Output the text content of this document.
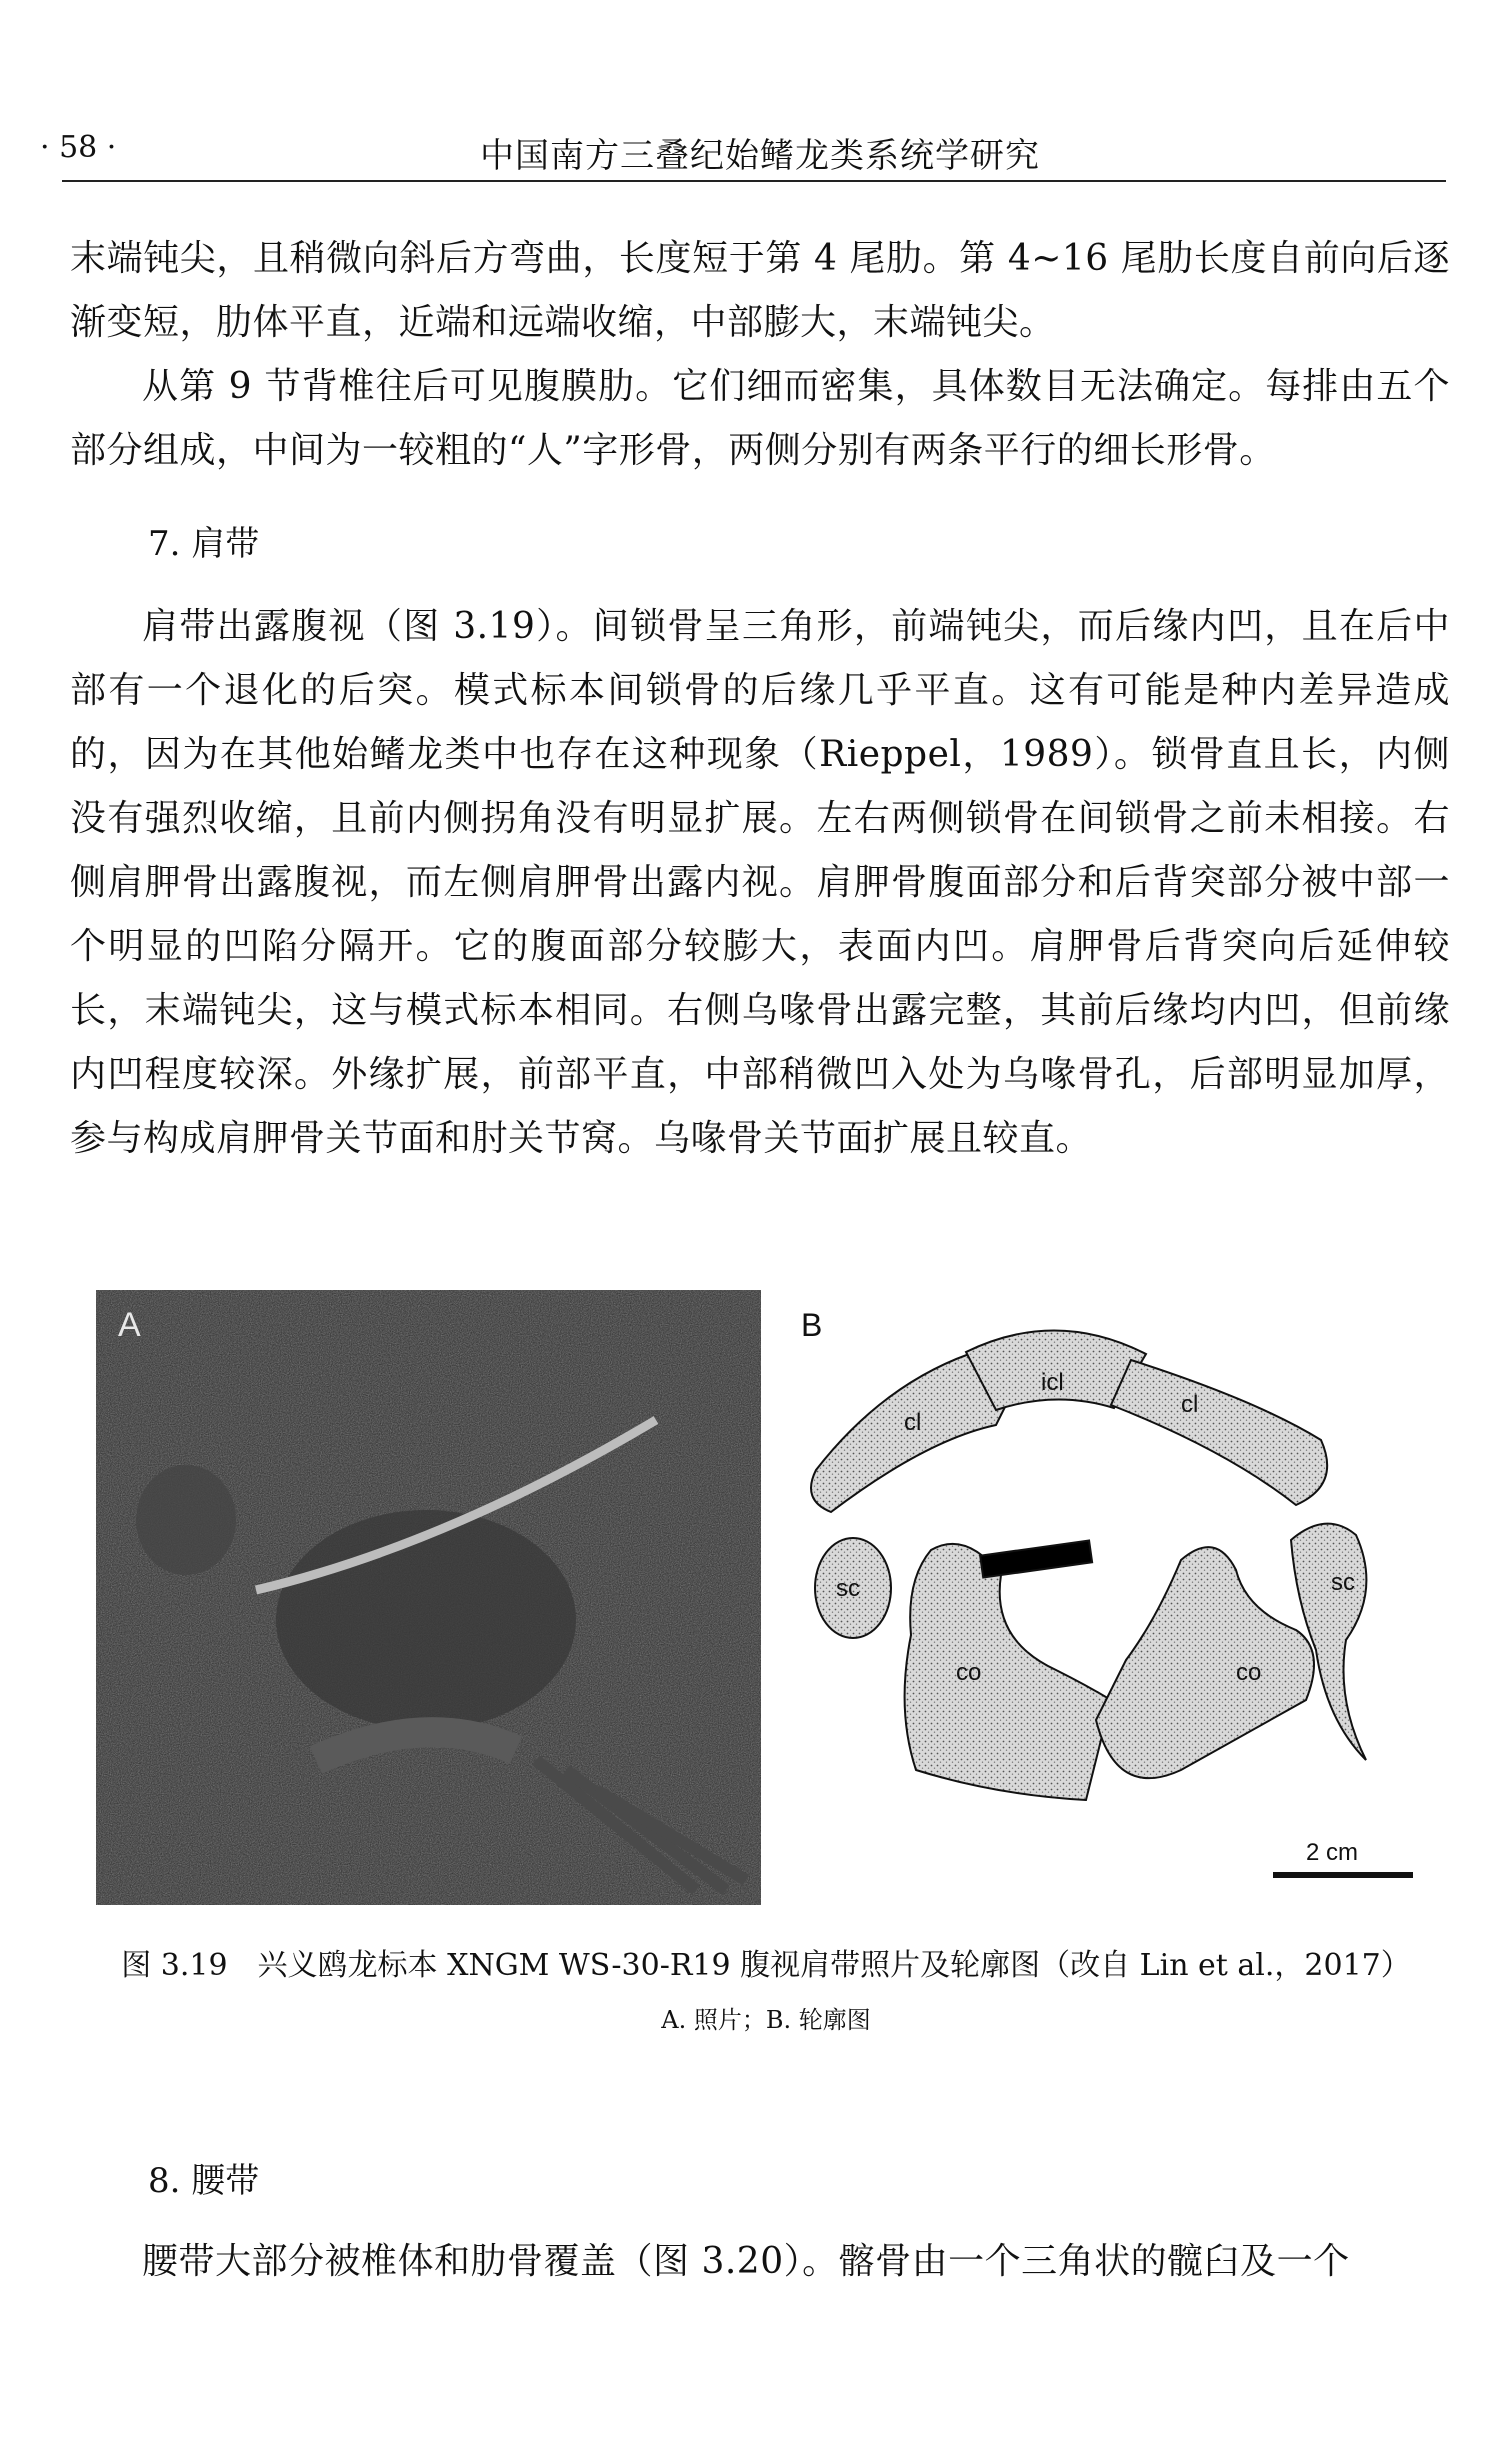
· 58 ·	中国南方三叠纪始鳍龙类系统学研究

末端钝尖，且稍微向斜后方弯曲，长度短于第 4 尾肋。第 4~16 尾肋长度自前向后逐渐变短，肋体平直，近端和远端收缩，中部膨大，末端钝尖。

从第 9 节背椎往后可见腹膜肋。它们细而密集，具体数目无法确定。每排由五个部分组成，中间为一较粗的“人”字形骨，两侧分别有两条平行的细长形骨。

7. 肩带

肩带出露腹视（图 3.19）。间锁骨呈三角形，前端钝尖，而后缘内凹，且在后中部有一个退化的后突。模式标本间锁骨的后缘几乎平直。这有可能是种内差异造成的，因为在其他始鳍龙类中也存在这种现象（Rieppel，1989）。锁骨直且长，内侧没有强烈收缩，且前内侧拐角没有明显扩展。左右两侧锁骨在间锁骨之前未相接。右侧肩胛骨出露腹视，而左侧肩胛骨出露内视。肩胛骨腹面部分和后背突部分被中部一个明显的凹陷分隔开。它的腹面部分较膨大，表面内凹。肩胛骨后背突向后延伸较长，末端钝尖，这与模式标本相同。右侧乌喙骨出露完整，其前后缘均内凹，但前缘内凹程度较深。外缘扩展，前部平直，中部稍微凹入处为乌喙骨孔，后部明显加厚，参与构成肩胛骨关节面和肘关节窝。乌喙骨关节面扩展且较直。

A	B
icl
cl
cl
sc	sc
co	co
2 cm
图 3.19　兴义鸥龙标本 XNGM WS-30-R19 腹视肩带照片及轮廓图（改自 Lin et al.，2017）
A. 照片；B. 轮廓图
8. 腰带

腰带大部分被椎体和肋骨覆盖（图 3.20）。髂骨由一个三角状的髋臼及一个
